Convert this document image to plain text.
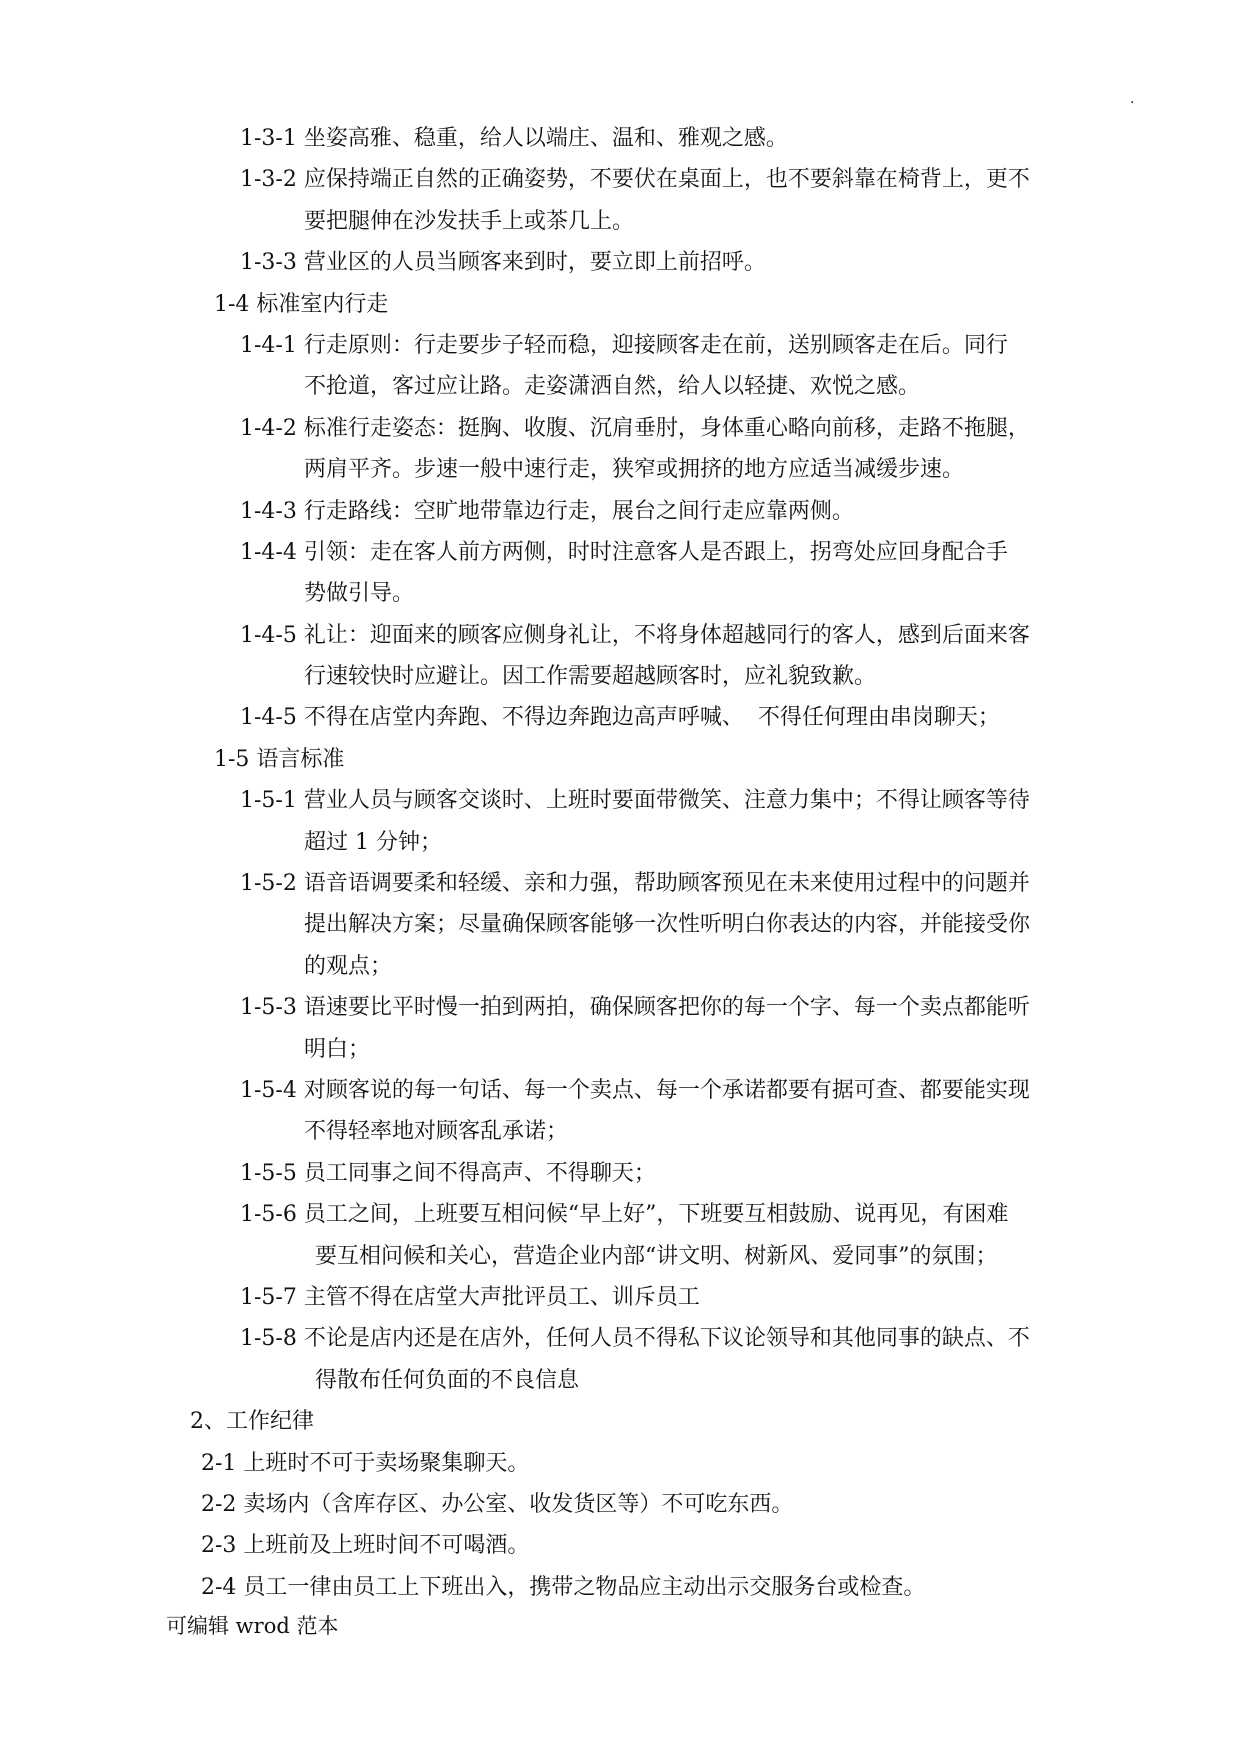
.
1-3-1 坐姿高雅、稳重，给人以端庄、温和、雅观之感。
1-3-2 应保持端正自然的正确姿势，不要伏在桌面上，也不要斜靠在椅背上，更不
要把腿伸在沙发扶手上或茶几上。
1-3-3 营业区的人员当顾客来到时，要立即上前招呼。
1-4 标准室内行走
1-4-1 行走原则：行走要步子轻而稳，迎接顾客走在前，送别顾客走在后。同行
不抢道，客过应让路。走姿潇洒自然，给人以轻捷、欢悦之感。
1-4-2 标准行走姿态：挺胸、收腹、沉肩垂肘，身体重心略向前移，走路不拖腿，
两肩平齐。步速一般中速行走，狭窄或拥挤的地方应适当减缓步速。
1-4-3 行走路线：空旷地带靠边行走，展台之间行走应靠两侧。
1-4-4 引领：走在客人前方两侧，时时注意客人是否跟上，拐弯处应回身配合手
势做引导。
1-4-5 礼让：迎面来的顾客应侧身礼让，不将身体超越同行的客人，感到后面来客
行速较快时应避让。因工作需要超越顾客时，应礼貌致歉。
1-4-5 不得在店堂内奔跑、不得边奔跑边高声呼喊、  不得任何理由串岗聊天；
1-5 语言标准
1-5-1 营业人员与顾客交谈时、上班时要面带微笑、注意力集中；不得让顾客等待
超过 1 分钟；
1-5-2 语音语调要柔和轻缓、亲和力强，帮助顾客预见在未来使用过程中的问题并
提出解决方案；尽量确保顾客能够一次性听明白你表达的内容，并能接受你
的观点；
1-5-3 语速要比平时慢一拍到两拍，确保顾客把你的每一个字、每一个卖点都能听
明白；
1-5-4 对顾客说的每一句话、每一个卖点、每一个承诺都要有据可查、都要能实现
不得轻率地对顾客乱承诺；
1-5-5 员工同事之间不得高声、不得聊天；
1-5-6 员工之间，上班要互相问候“早上好”，下班要互相鼓励、说再见，有困难
要互相问候和关心，营造企业内部“讲文明、树新风、爱同事”的氛围；
1-5-7 主管不得在店堂大声批评员工、训斥员工
1-5-8 不论是店内还是在店外，任何人员不得私下议论领导和其他同事的缺点、不
得散布任何负面的不良信息
2、工作纪律
2-1 上班时不可于卖场聚集聊天。
2-2 卖场内（含库存区、办公室、收发货区等）不可吃东西。
2-3 上班前及上班时间不可喝酒。
2-4 员工一律由员工上下班出入，携带之物品应主动出示交服务台或检查。
可编辑 wrod 范本
